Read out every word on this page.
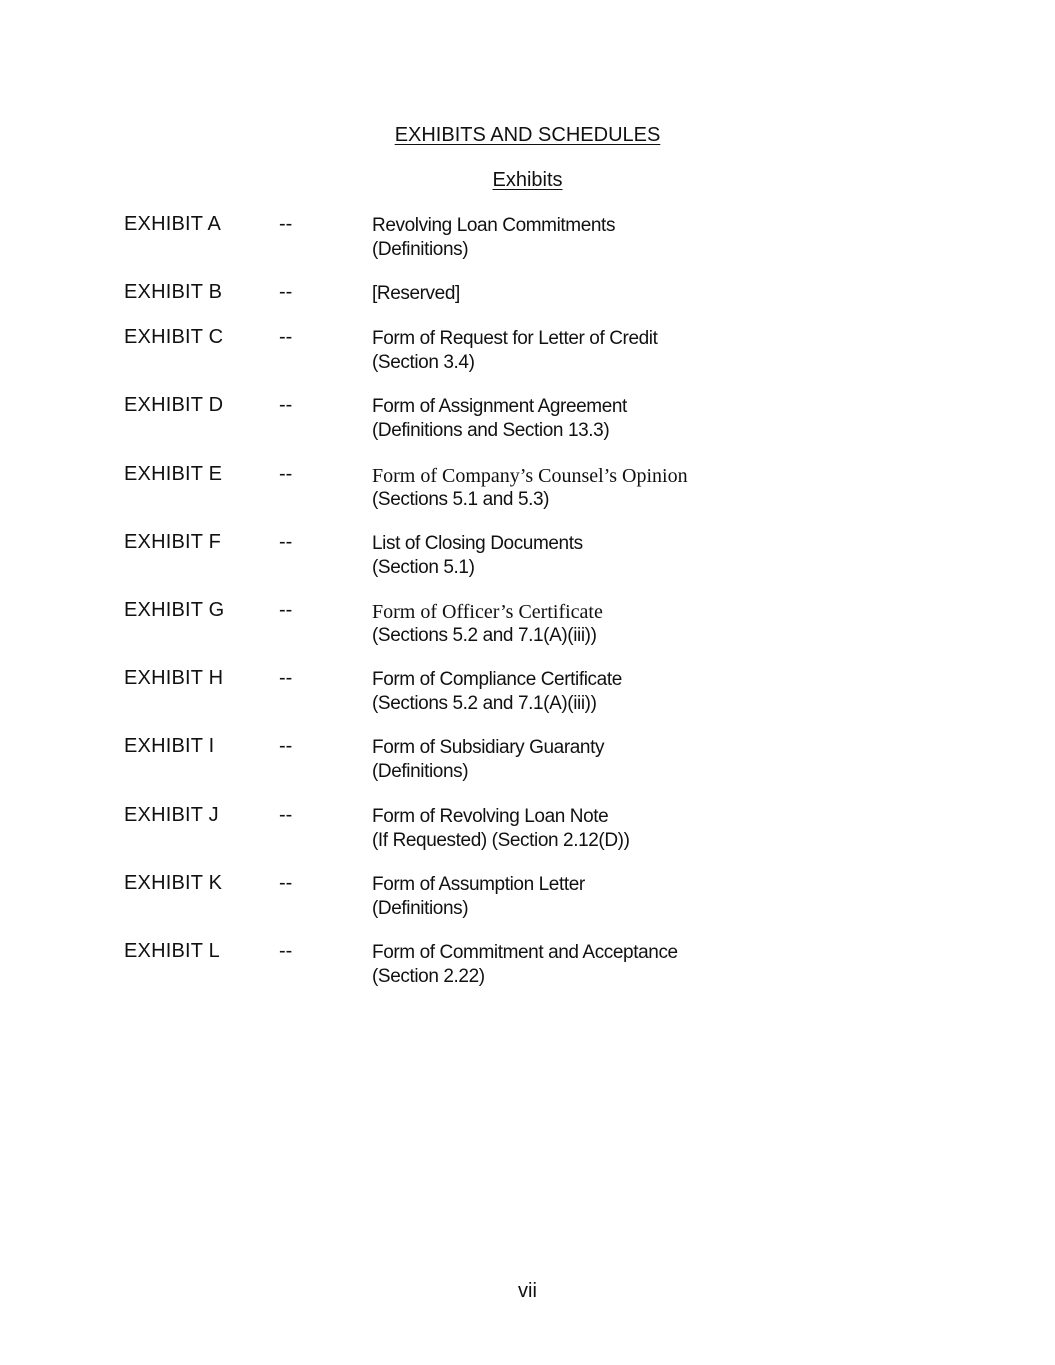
EXHIBITS AND SCHEDULES
Exhibits
EXHIBIT A	--	Revolving Loan Commitments
(Definitions)
EXHIBIT B	--	[Reserved]
EXHIBIT C	--	Form of Request for Letter of Credit
(Section 3.4)
EXHIBIT D	--	Form of Assignment Agreement
(Definitions and Section 13.3)
EXHIBIT E	--	Form of Company’s Counsel’s Opinion
(Sections 5.1 and 5.3)
EXHIBIT F	--	List of Closing Documents
(Section 5.1)
EXHIBIT G	--	Form of Officer’s Certificate
(Sections 5.2 and 7.1(A)(iii))
EXHIBIT H	--	Form of Compliance Certificate
(Sections 5.2 and 7.1(A)(iii))
EXHIBIT I	--	Form of Subsidiary Guaranty
(Definitions)
EXHIBIT J	--	Form of Revolving Loan Note
(If Requested) (Section 2.12(D))
EXHIBIT K	--	Form of Assumption Letter
(Definitions)
EXHIBIT L	--	Form of Commitment and Acceptance
(Section 2.22)
vii
